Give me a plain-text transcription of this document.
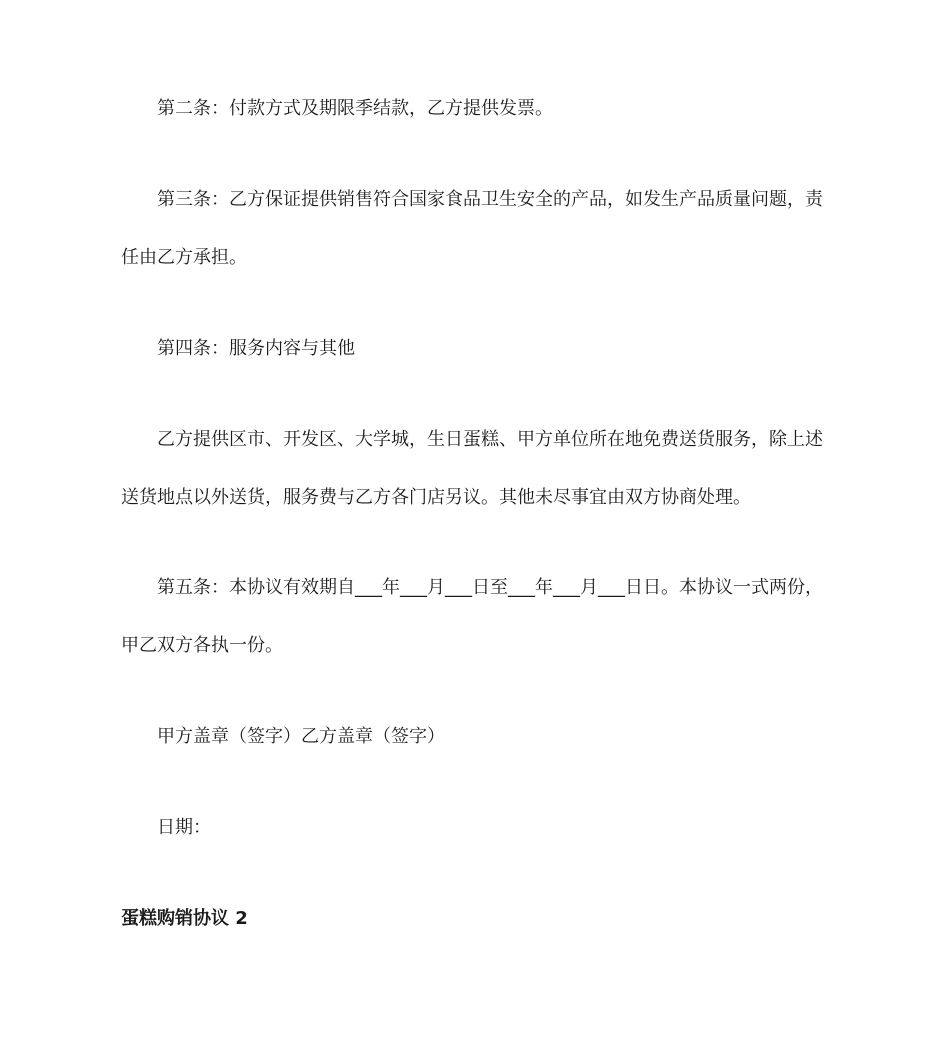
第二条：付款方式及期限季结款，乙方提供发票。
第三条：乙方保证提供销售符合国家食品卫生安全的产品，如发生产品质量问题，责
任由乙方承担。
第四条：服务内容与其他
乙方提供区市、开发区、大学城，生日蛋糕、甲方单位所在地免费送货服务，除上述
送货地点以外送货，服务费与乙方各门店另议。其他未尽事宜由双方协商处理。
第五条：本协议有效期自___年___月___日至___年___月___日日。本协议一式两份，
甲乙双方各执一份。
甲方盖章（签字）乙方盖章（签字）
日期：
蛋糕购销协议 2
